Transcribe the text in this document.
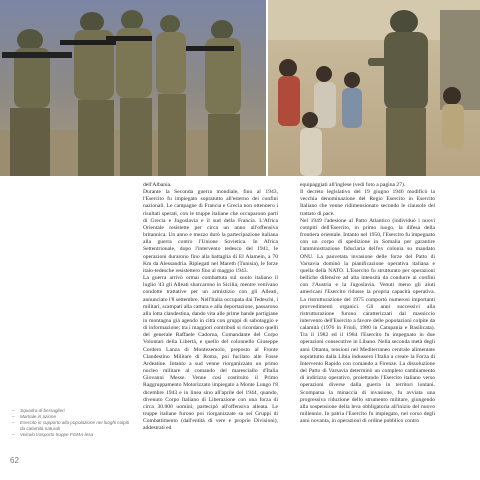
dell'Albania.

Durante la Seconda guerra mondiale, fino al 1943, l'Esercito fu impiegato sopratutto all'esterno dei confini nazionali. Le campagne di Francia e Grecia non ottennero i risultati sperati, con le truppe italiane che occuparono parti di Grecia e Jugoslavia e il sud della Francia. L'Africa Orientale resistette per circa un anno all'offensiva britannica. Un anno e mezzo durò la partecipazione italiana alla guerra contro l'Unione Sovietica. In Africa Settentrionale, dopo l'intervento tedesco del 1941, le operazioni durarono fino alla battaglia di El Alamein, a 70 Km da Alessandria. Ripiegati nel Mareth (Tunisia), le forze italo-tedesche resistettero fino al maggio 1943.

La guerra arrivò ormai combattuta sul suolo italiano il luglio '43 gli Alleati sbarcarono in Sicilia, mentre venivano condotte trattative per un armistizio con gli Alleati, annunciato l'8 settembre. Nell'Italia occupata dai Tedeschi, i militari, scampati alla cattura e alla deportazione, passarono alla lotta clandestina, dando vita alle prime bande partigiane in montagna già agendo in città con gruppi di sabotaggio e di informazione; tra i maggiori contributi si ricordano quelli del generale Raffaele Cadorna, Comandante del Corpo Volontari della Libertà, e quello del colonnello Giuseppe Cordero Lanza di Montezemolo, preposto al Fronte Clandestino Militare di Roma, poi fucilato alle Fosse Ardeatine. Intanto a sud venne riorganizzato un primo nucleo militare al comando del maresciallo d'Italia Giovanni Messe. Venne così costituito il Primo Raggruppamento Motorizzato impiegato a Monte Lungo l'8 dicembre 1943 e in linea sino all'aprile del 1944, quando, divenuto Corpo Italiano di Liberazione con una forza di circa 30.000 uomini, partecipò all'offensiva alleata. Le truppe italiane furono poi riorganizzate su sei Gruppi di Combattimento (dall'entità di vere e proprie Divisioni), addestrati ed

equipaggiati all'inglese (vedi foto a pagina 27).

Il decreto legislativo del 19 giugno 1946 modificò la vecchia denominazione del Regio Esercito in Esercito Italiano che venne ridimensionato secondo le clausole del trattato di pace.

Nel 1949 l'adesione al Patto Atlantico (individuò i nuovi compiti dell'Esercito, in primo luogo, la difesa della frontiera orientale. Intanto nel 1950, l'Esercito fu impegnato con un corpo di spedizione in Somalia per garantire l'amministrazione fiduciaria dell'ex colonia su mandato ONU. La pauvetata invasione delle forze del Patto di Varsavia dominò la pianificazione operativa italiana e quella della NATO. L'Esercito fu strutturato per operazioni belliche difensive ad alta intensità da condurre ai confini con l'Austria e la Jugoslavia. Venuti meno gli aiuti americani l'Esercito ridusse la propria capacità operativa. La ristrutturazione del 1975 comportò numerosi importanti provvedimenti organici. Gli anni successivi alla ristrutturazione furono caratterizzati dal massiccio intervento dell'Esercito a favore delle popolazioni colpite da calamità (1976 in Friuli, 1980 in Campania e Basilicata). Tra il 1982 ed il 1984 l'Esercito fu impegnato in due operazioni consecutive in Libano. Nella seconda metà degli anni Ottanta, tensioni nel Mediterraneo centrale alimentate soprattutto dalla Libia indussero l'Italia a creare la Forza di Intervento Rapido con comando a Firenze. La dissoluzione del Patto di Varsavia determinò un completo cambiamento di indirizzo operativo, proiettando l'Esercito italiano verso operazioni diverse dalla guerra in territori lontani. Scomparsa la minaccia di invasione, fu avviata una progressiva riduzione dello strumento militare, giungendo alla sospensione della leva obbligatoria all'inizio del nuovo millennio. In patria l'Esercito fu impiegato, nel corso degli anni novanta, in operazioni di ordine pubblico contro

– Squadra di bersaglieri
– Martiale in azione
– Esercito in supporto alla popolazione nei luoghi colpiti da calamità naturali
– Veicolo trasporto truppe FGMA-lesa
62
